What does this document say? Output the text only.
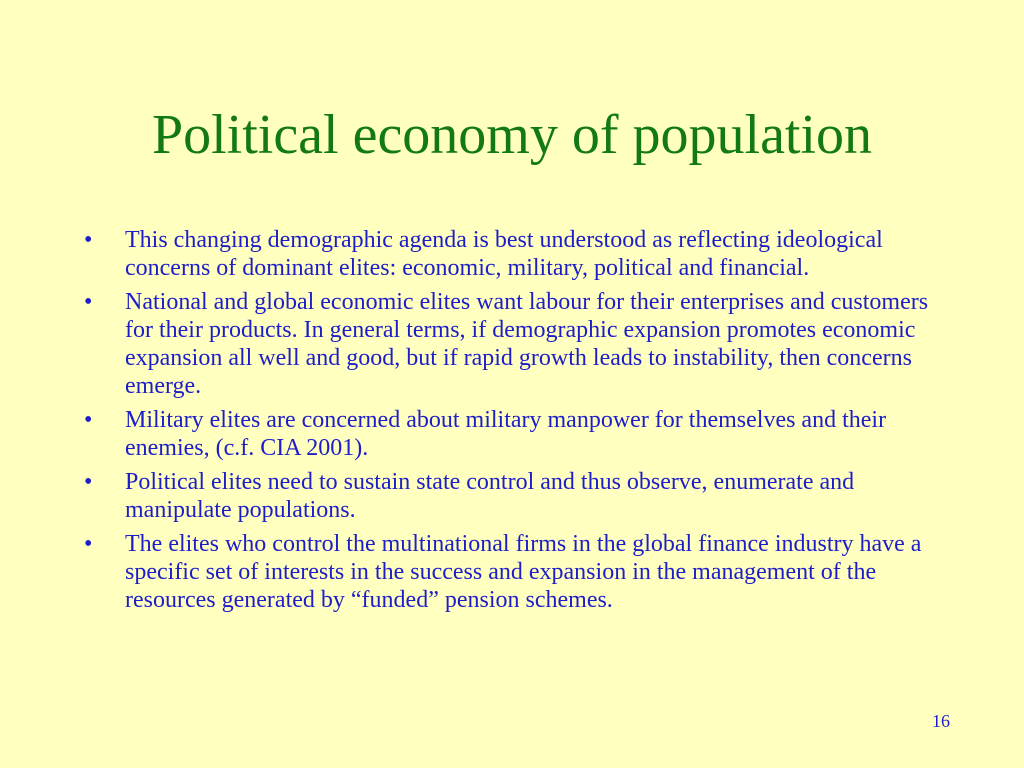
Political economy of population
• This changing demographic agenda is best understood as reflecting ideological concerns of dominant elites: economic, military, political and financial.
• National and global economic elites want labour for their enterprises and customers for their products. In general terms, if demographic expansion promotes economic expansion all well and good, but if rapid growth leads to instability, then concerns emerge.
• Military elites are concerned about military manpower for themselves and their enemies, (c.f. CIA 2001).
• Political elites need to sustain state control and thus observe, enumerate and manipulate populations.
• The elites who control the multinational firms in the global finance industry have a specific set of interests in the success and expansion in the management of the resources generated by “funded” pension schemes.
16
